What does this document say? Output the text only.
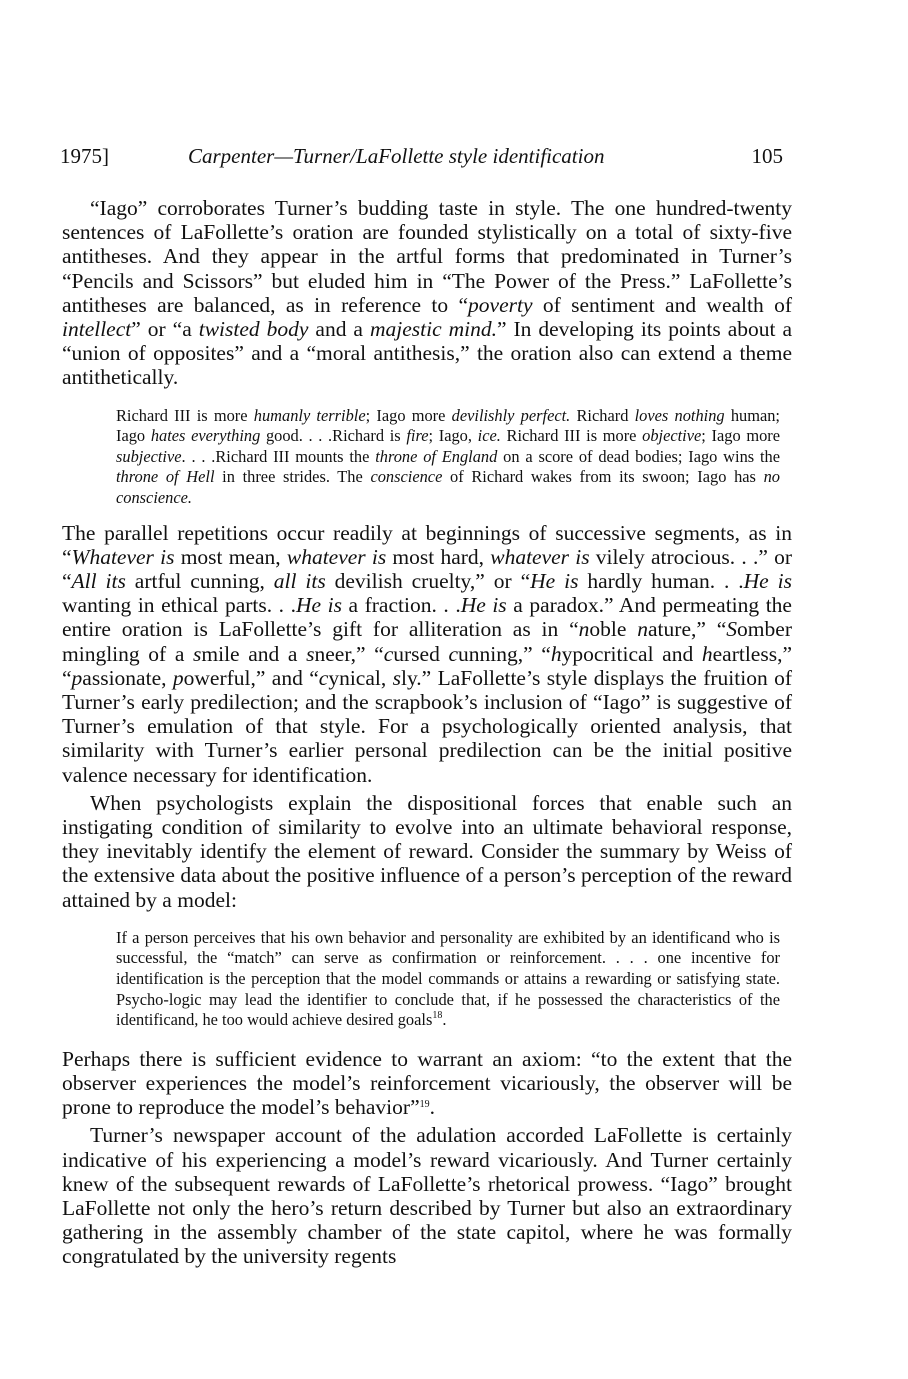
1975]	Carpenter—Turner/LaFollette style identification	105

“Iago” corroborates Turner’s budding taste in style. The one hundred-twenty sentences of LaFollette’s oration are founded stylistically on a total of sixty-five antitheses. And they appear in the artful forms that predominated in Turner’s “Pencils and Scissors” but eluded him in “The Power of the Press.” LaFollette’s antitheses are balanced, as in reference to “poverty of sentiment and wealth of intellect” or “a twisted body and a majestic mind.” In developing its points about a “union of opposites” and a “moral antithesis,” the oration also can extend a theme antithetically.

Richard III is more humanly terrible; Iago more devilishly perfect. Richard loves nothing human; Iago hates everything good. . . .Richard is fire; Iago, ice. Richard III is more objective; Iago more subjective. . . .Richard III mounts the throne of England on a score of dead bodies; Iago wins the throne of Hell in three strides. The conscience of Richard wakes from its swoon; Iago has no conscience.

The parallel repetitions occur readily at beginnings of successive segments, as in “Whatever is most mean, whatever is most hard, whatever is vilely atrocious. . .” or “All its artful cunning, all its devilish cruelty,” or “He is hardly human. . .He is wanting in ethical parts. . .He is a fraction. . .He is a paradox.” And permeating the entire oration is LaFollette’s gift for alliteration as in “noble nature,” “Somber mingling of a smile and a sneer,” “cursed cunning,” “hypocritical and heartless,” “passionate, powerful,” and “cynical, sly.” LaFollette’s style displays the fruition of Turner’s early predilection; and the scrapbook’s inclusion of “Iago” is suggestive of Turner’s emulation of that style. For a psychologically oriented analysis, that similarity with Turner’s earlier personal predilection can be the initial positive valence necessary for identification.

When psychologists explain the dispositional forces that enable such an instigating condition of similarity to evolve into an ultimate behavioral response, they inevitably identify the element of reward. Consider the summary by Weiss of the extensive data about the positive influence of a person’s perception of the reward attained by a model:

If a person perceives that his own behavior and personality are exhibited by an identificand who is successful, the “match” can serve as confirmation or reinforcement. . . . one incentive for identification is the perception that the model commands or attains a rewarding or satisfying state. Psycho-logic may lead the identifier to conclude that, if he possessed the characteristics of the identificand, he too would achieve desired goals$^{18}$.

Perhaps there is sufficient evidence to warrant an axiom: “to the extent that the observer experiences the model’s reinforcement vicariously, the observer will be prone to reproduce the model’s behavior”$^{19}$.

Turner’s newspaper account of the adulation accorded LaFollette is certainly indicative of his experiencing a model’s reward vicariously. And Turner certainly knew of the subsequent rewards of LaFollette’s rhetorical prowess. “Iago” brought LaFollette not only the hero’s return described by Turner but also an extraordinary gathering in the assembly chamber of the state capitol, where he was formally congratulated by the university regents
